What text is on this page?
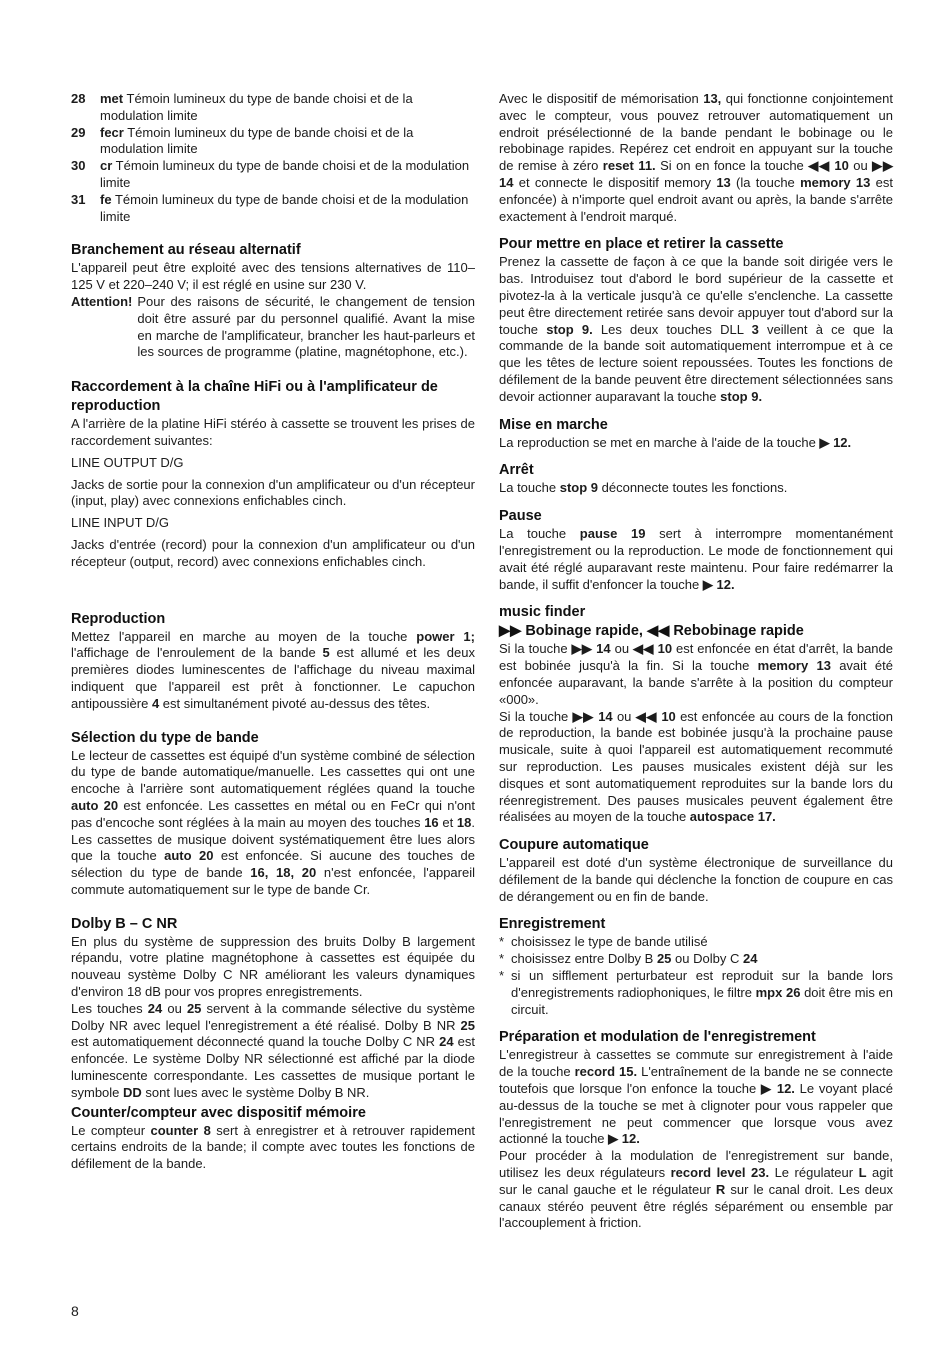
28	met Témoin lumineux du type de bande choisi et de la modulation limite
29	fecr Témoin lumineux du type de bande choisi et de la modulation limite
30	cr Témoin lumineux du type de bande choisi et de la modulation limite
31	fe Témoin lumineux du type de bande choisi et de la modulation limite
Branchement au réseau alternatif

L'appareil peut être exploité avec des tensions alternatives de 110–125 V et 220–240 V; il est réglé en usine sur 230 V.

Attention! Pour des raisons de sécurité, le changement de tension doit être assuré par du personnel qualifié. Avant la mise en marche de l'amplificateur, brancher les haut-parleurs et les sources de programme (platine, magnétophone, etc.).
Raccordement à la chaîne HiFi ou à l'amplificateur de reproduction

A l'arrière de la platine HiFi stéréo à cassette se trouvent les prises de raccordement suivantes:

LINE OUTPUT D/G

Jacks de sortie pour la connexion d'un amplificateur ou d'un récepteur (input, play) avec connexions enfichables cinch.

LINE INPUT D/G

Jacks d'entrée (record) pour la connexion d'un amplificateur ou d'un récepteur (output, record) avec connexions enfichables cinch.

Reproduction

Mettez l'appareil en marche au moyen de la touche power 1; l'affichage de l'enroulement de la bande 5 est allumé et les deux premières diodes luminescentes de l'affichage du niveau maximal indiquent que l'appareil est prêt à fonctionner. Le capuchon antipoussière 4 est simultanément pivoté au-dessus des têtes.

Sélection du type de bande

Le lecteur de cassettes est équipé d'un système combiné de sélection du type de bande automatique/manuelle. Les cassettes qui ont une encoche à l'arrière sont automatiquement réglées quand la touche auto 20 est enfoncée. Les cassettes en métal ou en FeCr qui n'ont pas d'encoche sont réglées à la main au moyen des touches 16 et 18. Les cassettes de musique doivent systématiquement être lues alors que la touche auto 20 est enfoncée. Si aucune des touches de sélection du type de bande 16, 18, 20 n'est enfoncée, l'appareil commute automatiquement sur le type de bande Cr.

Dolby B – C NR

En plus du système de suppression des bruits Dolby B largement répandu, votre platine magnétophone à cassettes est équipée du nouveau système Dolby C NR améliorant les valeurs dynamiques d'environ 18 dB pour vos propres enregistrements.

Les touches 24 ou 25 servent à la commande sélective du système Dolby NR avec lequel l'enregistrement a été réalisé. Dolby B NR 25 est automatiquement déconnecté quand la touche Dolby C NR 24 est enfoncée. Le système Dolby NR sélectionné est affiché par la diode luminescente correspondante. Les cassettes de musique portant le symbole DD sont lues avec le système Dolby B NR.

Counter/compteur avec dispositif mémoire

Le compteur counter 8 sert à enregistrer et à retrouver rapidement certains endroits de la bande; il compte avec toutes les fonctions de défilement de la bande.

Avec le dispositif de mémorisation 13, qui fonctionne conjointement avec le compteur, vous pouvez retrouver automatiquement un endroit présélectionné de la bande pendant le bobinage ou le rebobinage rapides. Repérez cet endroit en appuyant sur la touche de remise à zéro reset 11. Si on en fonce la touche ◀◀ 10 ou ▶▶ 14 et connecte le dispositif memory 13 (la touche memory 13 est enfoncée) à n'importe quel endroit avant ou après, la bande s'arrête exactement à l'endroit marqué.

Pour mettre en place et retirer la cassette

Prenez la cassette de façon à ce que la bande soit dirigée vers le bas. Introduisez tout d'abord le bord supérieur de la cassette et pivotez-la à la verticale jusqu'à ce qu'elle s'enclenche. La cassette peut être directement retirée sans devoir appuyer tout d'abord sur la touche stop 9. Les deux touches DLL 3 veillent à ce que la commande de la bande soit automatiquement interrompue et à ce que les têtes de lecture soient repoussées. Toutes les fonctions de défilement de la bande peuvent être directement sélectionnées sans devoir actionner auparavant la touche stop 9.

Mise en marche

La reproduction se met en marche à l'aide de la touche ▶ 12.

Arrêt

La touche stop 9 déconnecte toutes les fonctions.

Pause

La touche pause 19 sert à interrompre momentanément l'enregistrement ou la reproduction. Le mode de fonctionnement qui avait été réglé auparavant reste maintenu. Pour faire redémarrer la bande, il suffit d'enfoncer la touche ▶ 12.

music finder
▶▶ Bobinage rapide, ◀◀ Rebobinage rapide

Si la touche ▶▶ 14 ou ◀◀ 10 est enfoncée en état d'arrêt, la bande est bobinée jusqu'à la fin. Si la touche memory 13 avait été enfoncée auparavant, la bande s'arrête à la position du compteur «000».

Si la touche ▶▶ 14 ou ◀◀ 10 est enfoncée au cours de la fonction de reproduction, la bande est bobinée jusqu'à la prochaine pause musicale, suite à quoi l'appareil est automatiquement recommuté sur reproduction. Les pauses musicales existent déjà sur les disques et sont automatiquement reproduites sur la bande lors du réenregistrement. Des pauses musicales peuvent également être réalisées au moyen de la touche autospace 17.

Coupure automatique

L'appareil est doté d'un système électronique de surveillance du défilement de la bande qui déclenche la fonction de coupure en cas de dérangement ou en fin de bande.

Enregistrement
* choisissez le type de bande utilisé
* choisissez entre Dolby B 25 ou Dolby C 24
* si un sifflement perturbateur est reproduit sur la bande lors d'enregistrements radiophoniques, le filtre mpx 26 doit être mis en circuit.
Préparation et modulation de l'enregistrement

L'enregistreur à cassettes se commute sur enregistrement à l'aide de la touche record 15. L'entraînement de la bande ne se connecte toutefois que lorsque l'on enfonce la touche ▶ 12. Le voyant placé au-dessus de la touche se met à clignoter pour vous rappeler que l'enregistrement ne peut commencer que lorsque vous avez actionné la touche ▶ 12.

Pour procéder à la modulation de l'enregistrement sur bande, utilisez les deux régulateurs record level 23. Le régulateur L agit sur le canal gauche et le régulateur R sur le canal droit. Les deux canaux stéréo peuvent être réglés séparément ou ensemble par l'accouplement à friction.

8
